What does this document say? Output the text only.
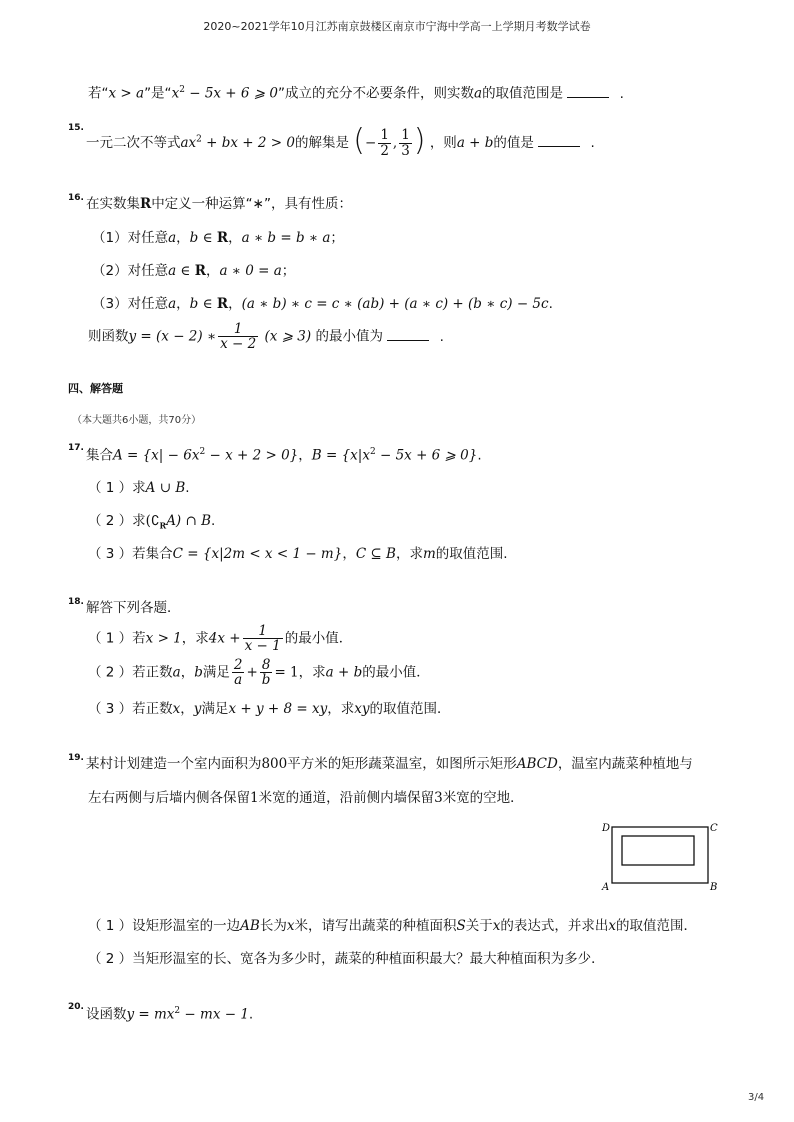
2020~2021学年10月江苏南京鼓楼区南京市宁海中学高一上学期月考数学试卷
若“x > a”是“$x^2 - 5x + 6$ ⩾ 0”成立的充分不必要条件，则实数a的取值范围是	.
$^{15.}$一元二次不等式$ax^2$ + bx + 2 > 0的解集是 (− $\frac{1}{2}$ , $\frac{1}{3}$ ) ，则a + b的值是	.
$^{16.}$ 在实数集R中定义一种运算“∗”，具有性质：
（1）对任意a，b ∈ R，a ∗ b = b ∗ a；
（2）对任意a ∈ R，a ∗ 0 = a；
（3）对任意a，b ∈ R，(a ∗ b) ∗ c = c ∗ (ab) + (a ∗ c) + (b ∗ c) − 5c.
则函数y = (x − 2) ∗ $\frac{1}{x - 2} (x$ ⩾ 3) 的最小值为	.
四、解答题
（本大题共6小题，共70分）
$^{17.}$ 集合$A = \{x| - 6x^2 - x + 2 > 0\}$，$B = \{x|x^2 - 5x + 6$ ⩾ 0}.
（ 1 ）求A ∪ B.
（ 2 ）求$(∁_RA)$ ∩ B.
（ 3 ）若集合C = {x|2m < x < 1 − m}，C ⊆ B，求m的取值范围.
$^{18.}$ 解答下列各题．
（ 1 ）若x > 1，求$4x + \frac{1}{x - 1}$ 的最小值．
（ 2 ）若正数a，b满足 $\frac{2}{a} + \frac{8}{b} = 1$，求a + b的最小值．
（ 3 ）若正数x，y满足x + y + 8 = xy，求xy的取值范围．
$^{19.}$ 某村计划建造一个室内面积为800平方米的矩形蔬菜温室，如图所示矩形ABCD，温室内蔬菜种植地与
左右两侧与后墙内侧各保留1米宽的通道，沿前侧内墙保留3米宽的空地．
D	C
A	B
（ 1 ）设矩形温室的一边AB长为x米，请写出蔬菜的种植面积S关于x的表达式，并求出x的取值范围．
（ 2 ）当矩形温室的长、宽各为多少时，蔬菜的种植面积最大？最大种植面积为多少．
$^{20.}$ 设函数$y = mx^2$ − mx − 1.
3/4
